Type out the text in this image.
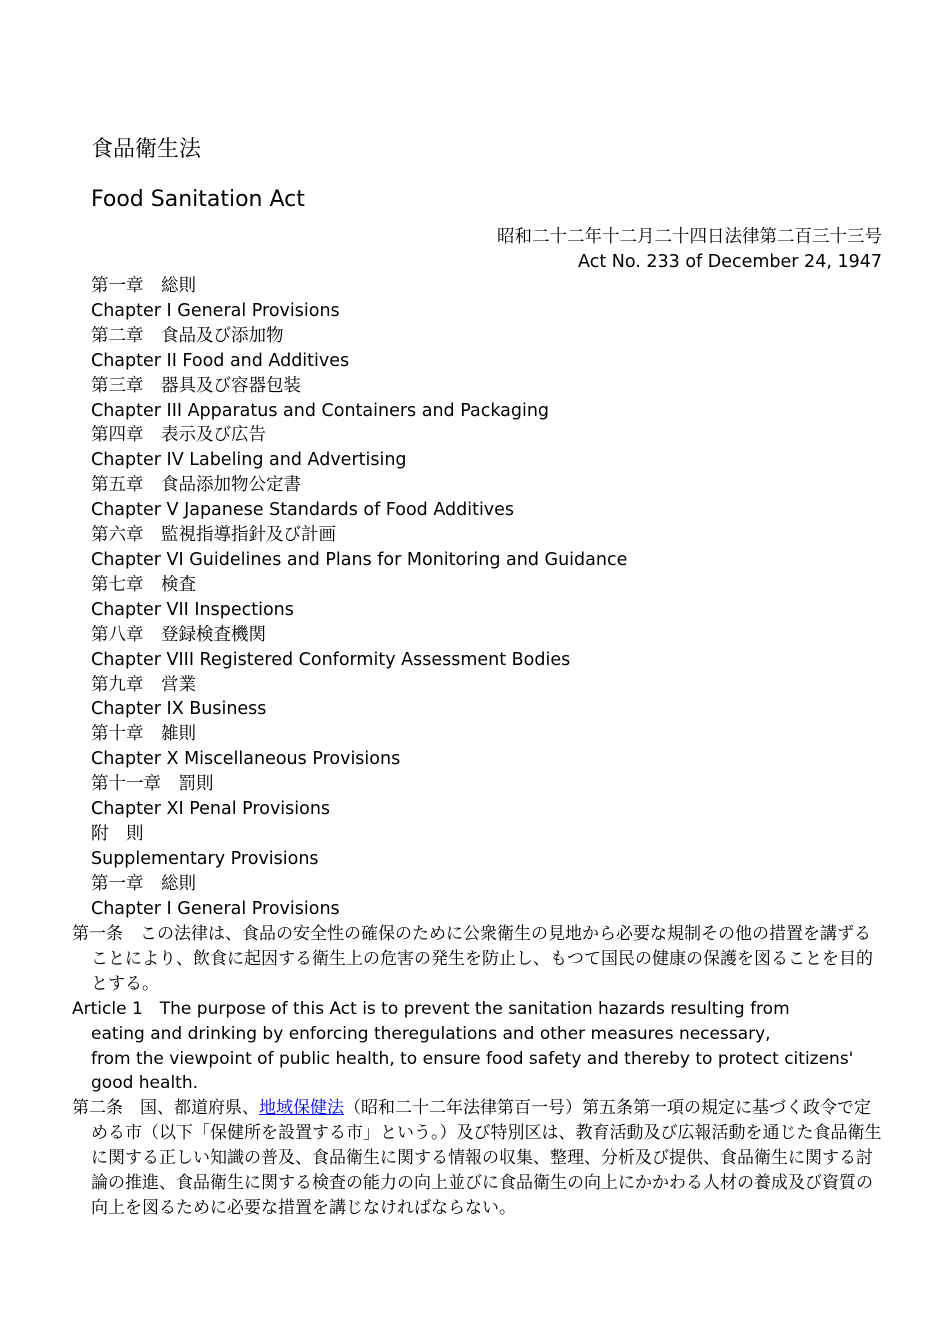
食品衛生法
Food Sanitation Act
昭和二十二年十二月二十四日法律第二百三十三号
Act No. 233 of December 24, 1947
第一章　総則
Chapter I General Provisions
第二章　食品及び添加物
Chapter II Food and Additives
第三章　器具及び容器包装
Chapter III Apparatus and Containers and Packaging
第四章　表示及び広告
Chapter IV Labeling and Advertising
第五章　食品添加物公定書
Chapter V Japanese Standards of Food Additives
第六章　監視指導指針及び計画
Chapter VI Guidelines and Plans for Monitoring and Guidance
第七章　検査
Chapter VII Inspections
第八章　登録検査機関
Chapter VIII Registered Conformity Assessment Bodies
第九章　営業
Chapter IX Business
第十章　雑則
Chapter X Miscellaneous Provisions
第十一章　罰則
Chapter XI Penal Provisions
附　則
Supplementary Provisions
第一章　総則
Chapter I General Provisions

第一条　この法律は、食品の安全性の確保のために公衆衛生の見地から必要な規制その他の措置を講ずることにより、飲食に起因する衛生上の危害の発生を防止し、もつて国民の健康の保護を図ることを目的とする。

Article 1　The purpose of this Act is to prevent the sanitation hazards resulting from
eating and drinking by enforcing theregulations and other measures necessary,
from the viewpoint of public health, to ensure food safety and thereby to protect citizens'
good health.

第二条　国、都道府県、地域保健法（昭和二十二年法律第百一号）第五条第一項の規定に基づく政令で定める市（以下「保健所を設置する市」という。）及び特別区は、教育活動及び広報活動を通じた食品衛生に関する正しい知識の普及、食品衛生に関する情報の収集、整理、分析及び提供、食品衛生に関する討論の推進、食品衛生に関する検査の能力の向上並びに食品衛生の向上にかかわる人材の養成及び資質の向上を図るために必要な措置を講じなければならない。
